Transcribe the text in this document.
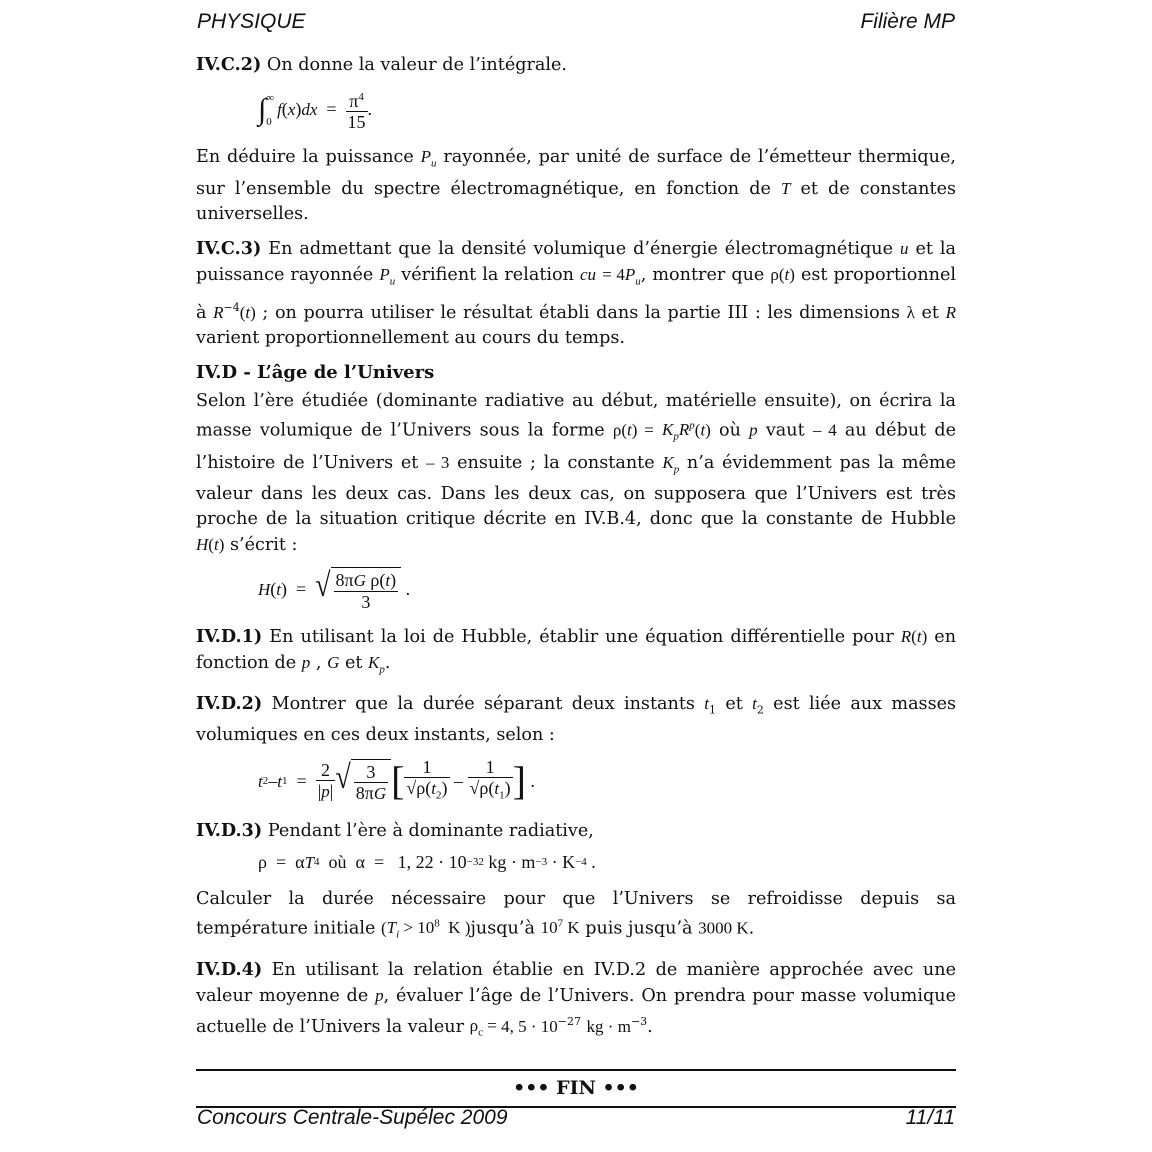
PHYSIQUE	Filière MP

IV.C.2) On donne la valeur de l’intégrale.

∫ ∞
0
f ( x ) dx = $\frac{\pi^4}{15}$ .

En déduire la puissance $P_u$ rayonnée, par unité de surface de l’émetteur thermique, sur l’ensemble du spectre électromagnétique, en fonction de T et de constantes universelles.

IV.C.3) En admettant que la densité volumique d’énergie électromagnétique u et la puissance rayonnée $P_u$ vérifient la relation cu = $4P_u$, montrer que ρ(t) est proportionnel à $R^{-4}(t)$ ; on pourra utiliser le résultat établi dans la partie III : les dimensions λ et R varient proportionnellement au cours du temps.

IV.D - L’âge de l’Univers

Selon l’ère étudiée (dominante radiative au début, matérielle ensuite), on écrira la masse volumique de l’Univers sous la forme $\rho(t) = K_pR^p(t)$ où p vaut – 4 au début de l’histoire de l’Univers et – 3 ensuite ; la constante $K_p$ n’a évidemment pas la même valeur dans les deux cas. Dans les deux cas, on supposera que l’Univers est très proche de la situation critique décrite en IV.B.4, donc que la constante de Hubble H(t) s’écrit :

H ( t )  = √ $\frac{\text{8πG ρ(t)}}{3}$ .

IV.D.1) En utilisant la loi de Hubble, établir une équation différentielle pour R(t) en fonction de p , G et $K_p$.

IV.D.2) Montrer que la durée séparant deux instants $t_1$ et $t_2$ est liée aux masses volumiques en ces deux instants, selon :

t 2 – t $1 = \frac{2}{|p|}$ √ $\frac{3}{8\pi G}$ [ $\frac{1}{√\rho(t_2)} - \frac{1}{√\rho(t_1)}$ ] .

IV.D.3) Pendant l’ère à dominante radiative,

ρ  =  α T 4
où α  = 1, 22 · 10 −32
kg · m −3 · K −4 .

Calculer la durée nécessaire pour que l’Univers se refroidisse depuis sa température initiale ($T_i > 10^8$  K )jusqu’à $10^7$ K puis jusqu’à 3000 K.

IV.D.4) En utilisant la relation établie en IV.D.2 de manière approchée avec une valeur moyenne de p, évaluer l’âge de l’Univers. On prendra pour masse volumique actuelle de l’Univers la valeur $\rho_c = 4$, $5 \cdot 10^{-27}$ kg · $m^{-3}$.

••• FIN •••
Concours Centrale-Supélec 2009	11/11
